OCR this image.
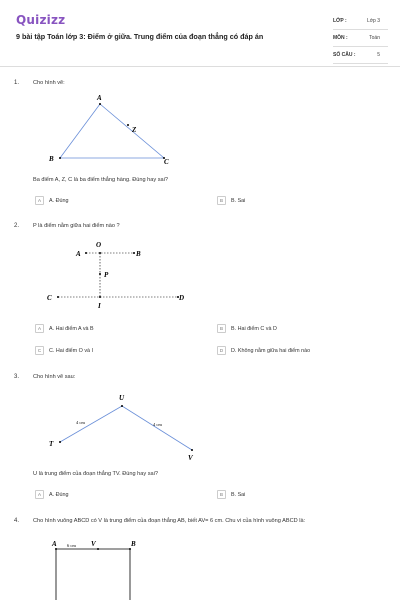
Quizizz
9 bài tập Toán lớp 3: Điểm ở giữa. Trung điểm của đoạn thẳng có đáp án
LỚP :	Lớp 3
MÔN :	Toán
SỐ CÂU :	5
1. Cho hình vẽ:
A
Z
B	C
Ba điểm A, Z, C là ba điểm thẳng hàng. Đúng hay sai?
A	A. Đúng	B	B. Sai
2. P là điểm nằm giữa hai điểm nào ?
O
A	B
P
C	D
I
A	A. Hai điểm A và B	B	B. Hai điểm C và D
C	C. Hai điểm O và I	D	D. Không nằm giữa hai điểm nào
3. Cho hình vẽ sau:
U
T
V
4 cm	4 cm
U là trung điểm của đoạn thẳng TV. Đúng hay sai?
A	A. Đúng	B	B. Sai
4. Cho hình vuông ABCD có V là trung điểm của đoạn thẳng AB, biết AV= 6 cm. Chu vi của hình vuông ABCD là:
A 6 cm V	B
